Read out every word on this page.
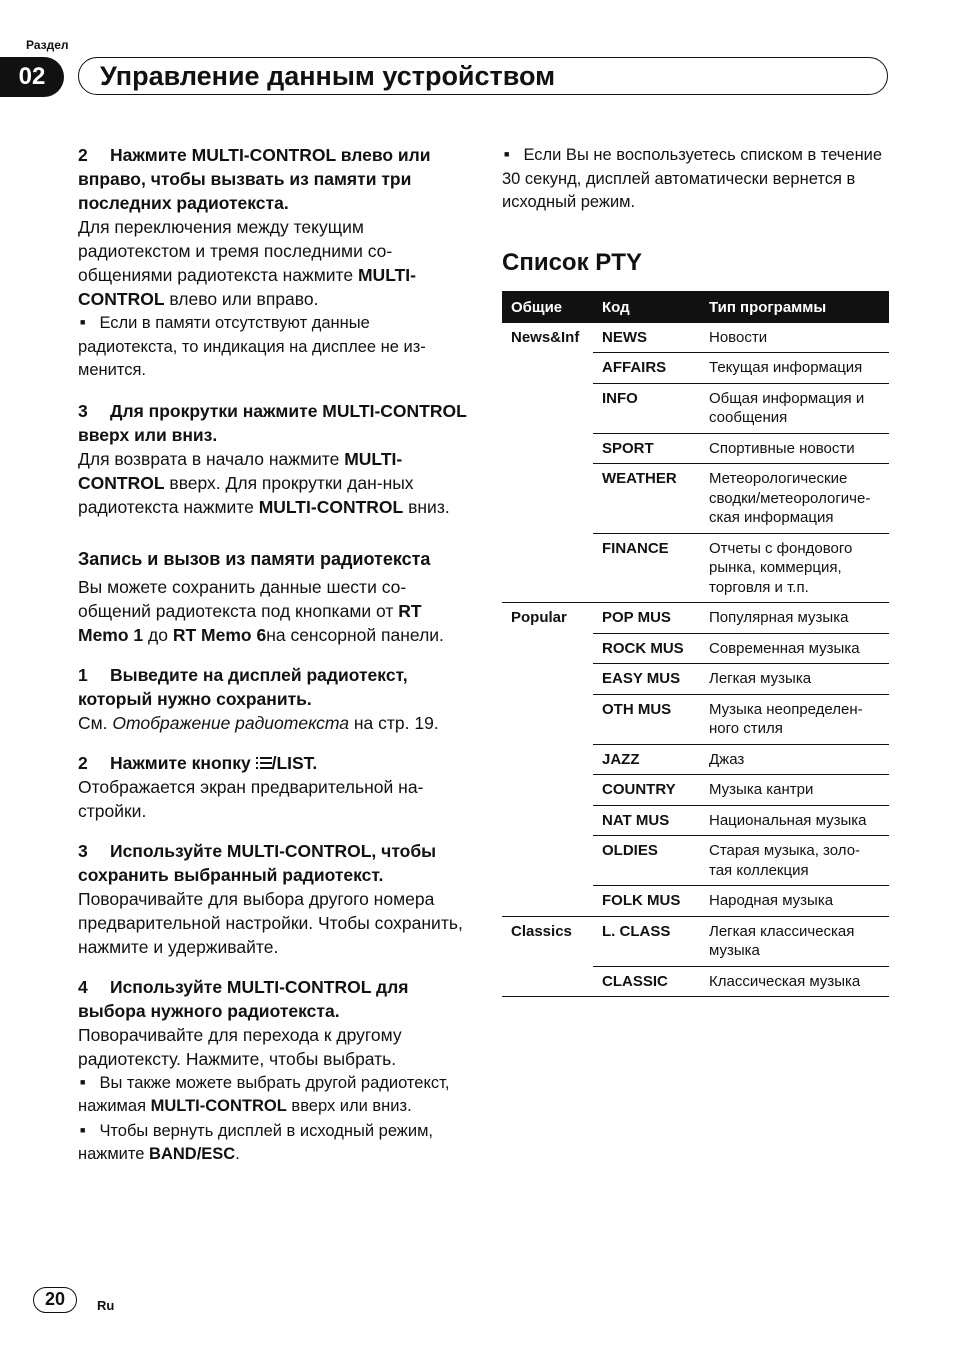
Раздел
02	Управление данным устройством

2 Нажмите MULTI-CONTROL влево или вправо, чтобы вызвать из памяти три последних радиотекста.

Для переключения между текущим радиотекстом и тремя последними со-общениями радиотекста нажмите MULTI-CONTROL влево или вправо.

■ Если в памяти отсутствуют данные радиотекста, то индикация на дисплее не из-менится.

3 Для прокрутки нажмите MULTI-CONTROL вверх или вниз.

Для возврата в начало нажмите MULTI-CONTROL вверх. Для прокрутки дан-ных радиотекста нажмите MULTI-CONTROL вниз.

Запись и вызов из памяти радиотекста

Вы можете сохранить данные шести со-общений радиотекста под кнопками от RT Memo 1 до RT Memo 6на сенсорной панели.

1 Выведите на дисплей радиотекст, который нужно сохранить.

См. Отображение радиотекста на стр. 19.

2 Нажмите кнопку /LIST.

Отображается экран предварительной на-стройки.

3 Используйте MULTI-CONTROL, чтобы сохранить выбранный радиотекст.

Поворачивайте для выбора другого номера предварительной настройки. Чтобы сохранить, нажмите и удерживайте.

4 Используйте MULTI-CONTROL для выбора нужного радиотекста.

Поворачивайте для перехода к другому радиотексту. Нажмите, чтобы выбрать.

■ Вы также можете выбрать другой радиотекст, нажимая MULTI-CONTROL вверх или вниз.

■ Чтобы вернуть дисплей в исходный режим, нажмите BAND/ESC.

■ Если Вы не воспользуетесь списком в течение 30 секунд, дисплей автоматически вернется в исходный режим.

Список PTY

Общие	Код	Тип программы
News&Inf	NEWS	Новости
	AFFAIRS	Текущая информация
	INFO	Общая информация и сообщения
	SPORT	Спортивные новости
	WEATHER	Метеорологические сводки/метеорологиче-ская информация
	FINANCE	Отчеты с фондового рынка, коммерция, торговля и т.п.
Popular	POP MUS	Популярная музыка
	ROCK MUS	Современная музыка
	EASY MUS	Легкая музыка
	OTH MUS	Музыка неопределен-ного стиля
	JAZZ	Джаз
	COUNTRY	Музыка кантри
	NAT MUS	Национальная музыка
	OLDIES	Старая музыка, золо-тая коллекция
	FOLK MUS	Народная музыка
Classics	L. CLASS	Легкая классическая музыка
	CLASSIC	Классическая музыка
20	Ru
